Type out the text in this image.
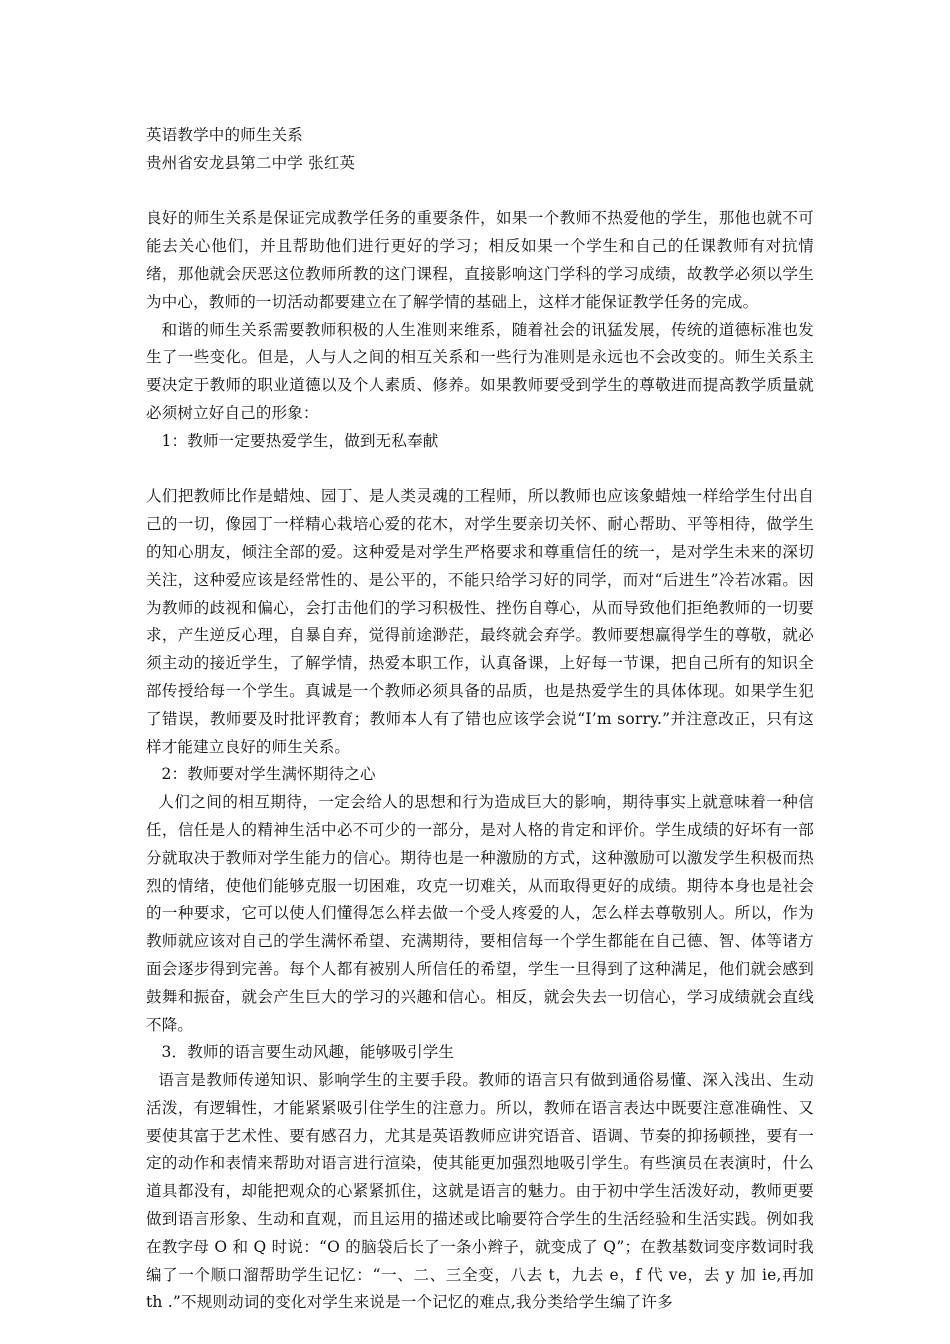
英语教学中的师生关系
贵州省安龙县第二中学 张红英

良好的师生关系是保证完成教学任务的重要条件，如果一个教师不热爱他的学生，那他也就不可能去关心他们，并且帮助他们进行更好的学习；相反如果一个学生和自己的任课教师有对抗情绪，那他就会厌恶这位教师所教的这门课程，直接影响这门学科的学习成绩，故教学必须以学生为中心，教师的一切活动都要建立在了解学情的基础上，这样才能保证教学任务的完成。

和谐的师生关系需要教师积极的人生准则来维系，随着社会的讯猛发展，传统的道德标准也发生了一些变化。但是，人与人之间的相互关系和一些行为准则是永远也不会改变的。师生关系主要决定于教师的职业道德以及个人素质、修养。如果教师要受到学生的尊敬进而提高教学质量就必须树立好自己的形象：

1：教师一定要热爱学生，做到无私奉献

人们把教师比作是蜡烛、园丁、是人类灵魂的工程师，所以教师也应该象蜡烛一样给学生付出自己的一切，像园丁一样精心栽培心爱的花木，对学生要亲切关怀、耐心帮助、平等相待，做学生的知心朋友，倾注全部的爱。这种爱是对学生严格要求和尊重信任的统一，是对学生未来的深切关注，这种爱应该是经常性的、是公平的，不能只给学习好的同学，而对“后进生”冷若冰霜。因为教师的歧视和偏心，会打击他们的学习积极性、挫伤自尊心，从而导致他们拒绝教师的一切要求，产生逆反心理，自暴自弃，觉得前途渺茫，最终就会弃学。教师要想赢得学生的尊敬，就必须主动的接近学生，了解学情，热爱本职工作，认真备课，上好每一节课，把自己所有的知识全部传授给每一个学生。真诚是一个教师必须具备的品质，也是热爱学生的具体体现。如果学生犯了错误，教师要及时批评教育；教师本人有了错也应该学会说“I’m sorry.”并注意改正，只有这样才能建立良好的师生关系。

2：教师要对学生满怀期待之心

人们之间的相互期待，一定会给人的思想和行为造成巨大的影响，期待事实上就意味着一种信任，信任是人的精神生活中必不可少的一部分，是对人格的肯定和评价。学生成绩的好坏有一部分就取决于教师对学生能力的信心。期待也是一种激励的方式，这种激励可以激发学生积极而热烈的情绪，使他们能够克服一切困难，攻克一切难关，从而取得更好的成绩。期待本身也是社会的一种要求，它可以使人们懂得怎么样去做一个受人疼爱的人，怎么样去尊敬别人。所以，作为教师就应该对自己的学生满怀希望、充满期待，要相信每一个学生都能在自己德、智、体等诸方面会逐步得到完善。每个人都有被别人所信任的希望，学生一旦得到了这种满足，他们就会感到鼓舞和振奋，就会产生巨大的学习的兴趣和信心。相反，就会失去一切信心，学习成绩就会直线不降。

3．教师的语言要生动风趣，能够吸引学生

语言是教师传递知识、影响学生的主要手段。教师的语言只有做到通俗易懂、深入浅出、生动活泼，有逻辑性，才能紧紧吸引住学生的注意力。所以，教师在语言表达中既要注意准确性、又要使其富于艺术性、要有感召力，尤其是英语教师应讲究语音、语调、节奏的抑扬顿挫，要有一定的动作和表情来帮助对语言进行渲染，使其能更加强烈地吸引学生。有些演员在表演时，什么道具都没有，却能把观众的心紧紧抓住，这就是语言的魅力。由于初中学生活泼好动，教师更要做到语言形象、生动和直观，而且运用的描述或比喻要符合学生的生活经验和生活实践。例如我在教字母 O 和 Q 时说：“O 的脑袋后长了一条小辫子，就变成了 Q”；在教基数词变序数词时我编了一个顺口溜帮助学生记忆：“一、二、三全变，八去 t，九去 e，f 代 ve，去 y 加 ie,再加 th .”不规则动词的变化对学生来说是一个记忆的难点,我分类给学生编了许多
